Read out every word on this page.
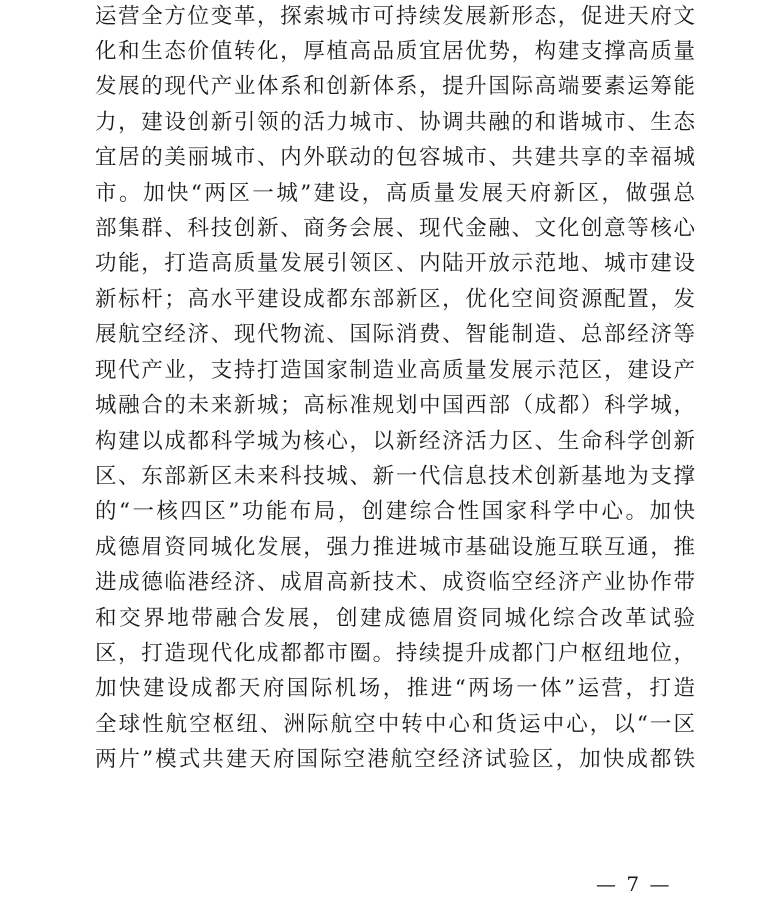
运营全方位变革，探索城市可持续发展新形态，促进天府文
化和生态价值转化，厚植高品质宜居优势，构建支撑高质量
发展的现代产业体系和创新体系，提升国际高端要素运筹能
力，建设创新引领的活力城市、协调共融的和谐城市、生态
宜居的美丽城市、内外联动的包容城市、共建共享的幸福城
市。加快“两区一城”建设，高质量发展天府新区，做强总
部集群、科技创新、商务会展、现代金融、文化创意等核心
功能，打造高质量发展引领区、内陆开放示范地、城市建设
新标杆；高水平建设成都东部新区，优化空间资源配置，发
展航空经济、现代物流、国际消费、智能制造、总部经济等
现代产业，支持打造国家制造业高质量发展示范区，建设产
城融合的未来新城；高标准规划中国西部（成都）科学城，
构建以成都科学城为核心，以新经济活力区、生命科学创新
区、东部新区未来科技城、新一代信息技术创新基地为支撑
的“一核四区”功能布局，创建综合性国家科学中心。加快
成德眉资同城化发展，强力推进城市基础设施互联互通，推
进成德临港经济、成眉高新技术、成资临空经济产业协作带
和交界地带融合发展，创建成德眉资同城化综合改革试验
区，打造现代化成都都市圈。持续提升成都门户枢纽地位，
加快建设成都天府国际机场，推进“两场一体”运营，打造
全球性航空枢纽、洲际航空中转中心和货运中心，以“一区
两片”模式共建天府国际空港航空经济试验区，加快成都铁
— 7 —
